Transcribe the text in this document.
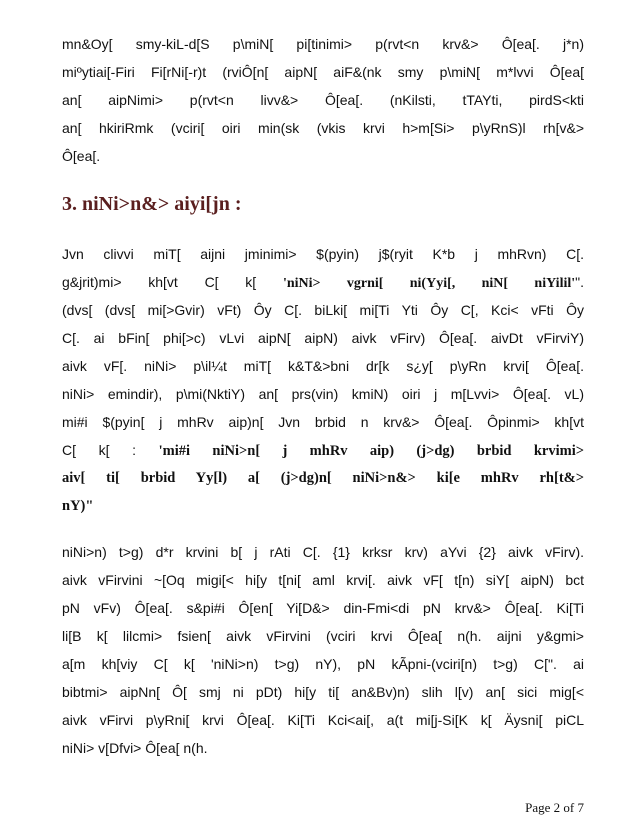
mn&Oy[ smy-kiL-d[S p\miN[ pi[tinimi> p(rvt<n krv&> Ô[ea[. j*n)
miºytiai[-Firi Fi[rNi[-r)t (rviÔ[n[ aipN[ aiF&(nk smy p\miN[ m*lvvi Ô[ea[
an[ aipNimi> p(rvt<n livv&> Ô[ea[. (nKilsti, tTAYti, pirdS<kti
an[ hkiriRmk (vciri[ oiri min(sk (vkis krvi h>m[Si> p\yRnS)l rh[v&>
Ô[ea[.
3. niNi>n&> aiyi[jn :
Jvn clivvi miT[ aijni jminimi> $(pyin) j$(ryit K*b j mhRvn) C[.
g&jrit)mi> kh[vt C[ k[ 'niNi> vgrni[ ni(Yyi[, niN[ niYilil'".
(dvs[ (dvs[ mi[>Gvir) vFt) Ôy C[. biLki[ mi[Ti Yti Ôy C[, Kci< vFti Ôy
C[. ai bFin[ phi[>c) vLvi aipN[ aipN) aivk vFirv) Ô[ea[. aivDt vFirviY)
aivk vF[. niNi> p\il¼t miT[ k&T&>bni dr[k s¿y[ p\yRn krvi[ Ô[ea[.
niNi> emindir), p\mi(NktiY) an[ prs(vin) kmiN) oiri j m[Lvvi> Ô[ea[. vL)
mi#i $(pyin[ j mhRv aip)n[ Jvn brbid n krv&> Ô[ea[. Ôpinmi> kh[vt
C[ k[ : 'mi#i niNi>n[ j mhRv aip) (j>dg) brbid krvimi>
aiv[ ti[ brbid Yy[l) a[ (j>dg)n[ niNi>n&> ki[e mhRv rh[t&>
nY)"
niNi>n) t>g) d*r krvini b[ j rAti C[. {1} krksr krv) aYvi {2} aivk vFirv).
aivk vFirvini ~[Oq migi[< hi[y t[ni[ aml krvi[. aivk vF[ t[n) siY[ aipN) bct
pN vFv) Ô[ea[. s&pi#i Ô[en[ Yi[D&> din-Fmi<di pN krv&> Ô[ea[. Ki[Ti
li[B k[ lilcmi> fsien[ aivk vFirvini (vciri krvi Ô[ea[ n(h. aijni y&gmi>
a[m kh[viy C[ k[ 'niNi>n) t>g) nY), pN kÃpni-(vciri[n) t>g) C[". ai
bibtmi> aipNn[ Ô[ smj ni pDt) hi[y ti[ an&Bv)n) slih l[v) an[ sici mig[<
aivk vFirvi p\yRni[ krvi Ô[ea[. Ki[Ti Kci<ai[, a(t mi[j-Si[K k[ Äysni[ piCL
niNi> v[Dfvi> Ô[ea[ n(h.
Page 2 of 7
